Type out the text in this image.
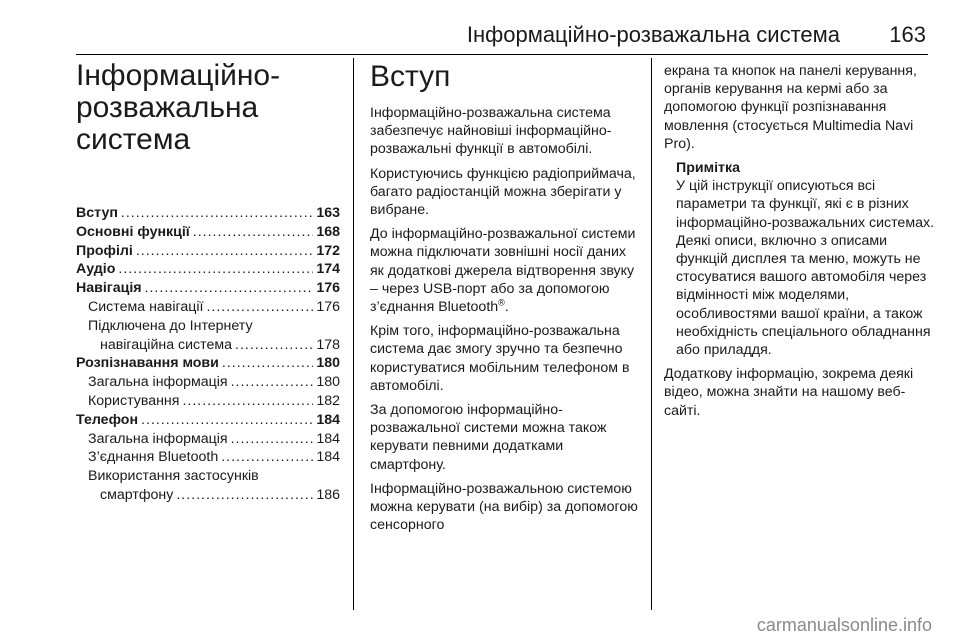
Інформаційно-розважальна система 163
Інформаційно-
розважальна
система
Вступ .....	163
Основні функції .....	168
Профілі .....	172
Аудіо .....	174
Навігація .....	176
Система навігації .....	176
Підключена до Інтернету
навігаційна система .....	178
Розпізнавання мови .....	180
Загальна інформація .....	180
Користування .....	182
Телефон .....	184
Загальна інформація .....	184
З’єднання Bluetooth .....	184
Використання застосунків
смартфону .....	186
Вступ

Інформаційно-розважальна система забезпечує найновіші інформаційно-розважальні функції в автомобілі.

Користуючись функцією радіоприймача, багато радіостанцій можна зберігати у вибране.

До інформаційно-розважальної системи можна підключати зовнішні носії даних як додаткові джерела відтворення звуку – через USB-порт або за допомогою з’єднання Bluetooth®.

Крім того, інформаційно-розважальна система дає змогу зручно та безпечно користуватися мобільним телефоном в автомобілі.

За допомогою інформаційно-розважальної системи можна також керувати певними додатками смартфону.

Інформаційно-розважальною системою можна керувати (на вибір) за допомогою сенсорного

екрана та кнопок на панелі керування, органів керування на кермі або за допомогою функції розпізнавання мовлення (стосується Multimedia Navi Pro).

Примітка
У цій інструкції описуються всі параметри та функції, які є в різних інформаційно-розважальних системах. Деякі описи, включно з описами функцій дисплея та меню, можуть не стосуватися вашого автомобіля через відмінності між моделями, особливостями вашої країни, а також необхідність спеціального обладнання або приладдя.

Додаткову інформацію, зокрема деякі відео, можна знайти на нашому веб-сайті.

carmanualsonline.info
